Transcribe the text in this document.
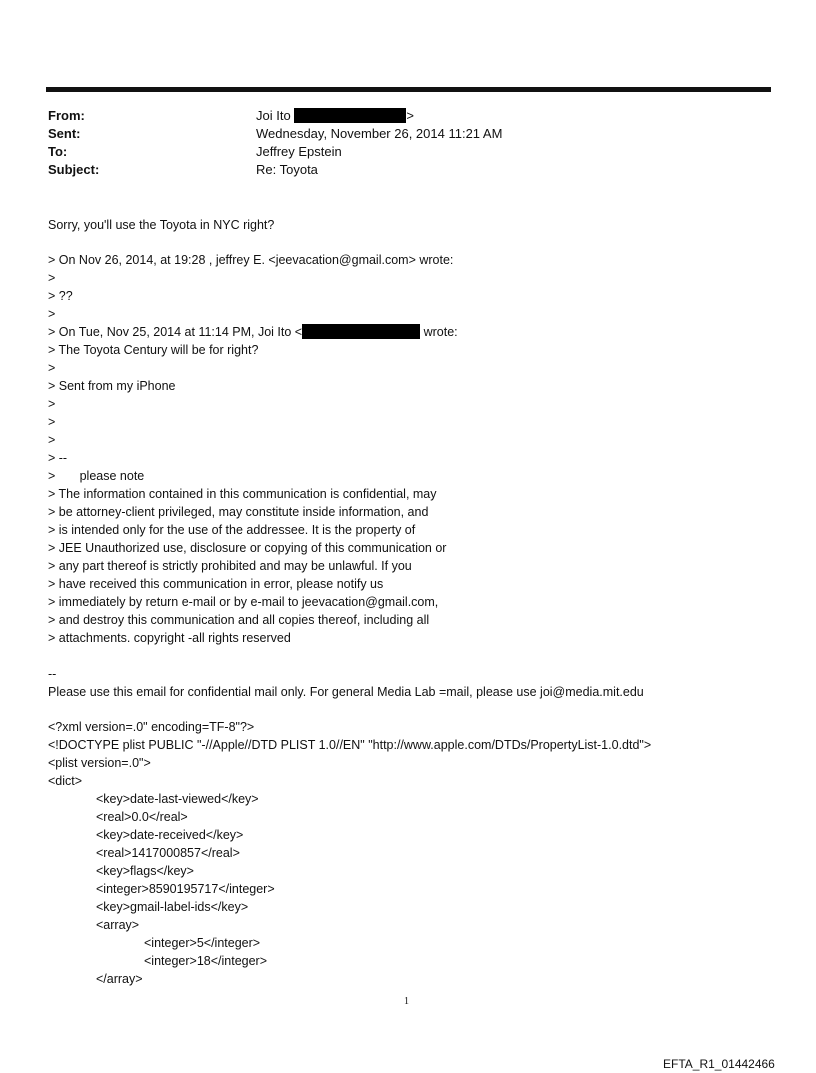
From:	Joi Ito	>
Sent:	Wednesday, November 26, 2014 11:21 AM
To:	Jeffrey Epstein
Subject:	Re: Toyota
Sorry, you'll use the Toyota in NYC right?
> On Nov 26, 2014, at 19:28 , jeffrey E. <jeevacation@gmail.com> wrote:
>
> ??
>
> On Tue, Nov 25, 2014 at 11:14 PM, Joi Ito <	wrote:
> The Toyota Century will be for right?
>
> Sent from my iPhone
>
>
>
> --
>       please note
> The information contained in this communication is confidential, may
> be attorney-client privileged, may constitute inside information, and
> is intended only for the use of the addressee. It is the property of
> JEE Unauthorized use, disclosure or copying of this communication or
> any part thereof is strictly prohibited and may be unlawful. If you
> have received this communication in error, please notify us
> immediately by return e-mail or by e-mail to jeevacation@gmail.com,
> and destroy this communication and all copies thereof, including all
> attachments. copyright -all rights reserved
--
Please use this email for confidential mail only. For general Media Lab =mail, please use joi@media.mit.edu
<?xml version=.0" encoding=TF-8"?>
<!DOCTYPE plist PUBLIC "-//Apple//DTD PLIST 1.0//EN" "http://www.apple.com/DTDs/PropertyList-1.0.dtd">
<plist version=.0">
<dict>
<key>date-last-viewed</key>
<real>0.0</real>
<key>date-received</key>
<real>1417000857</real>
<key>flags</key>
<integer>8590195717</integer>
<key>gmail-label-ids</key>
<array>
<integer>5</integer>
<integer>18</integer>
</array>
1
EFTA_R1_01442466
